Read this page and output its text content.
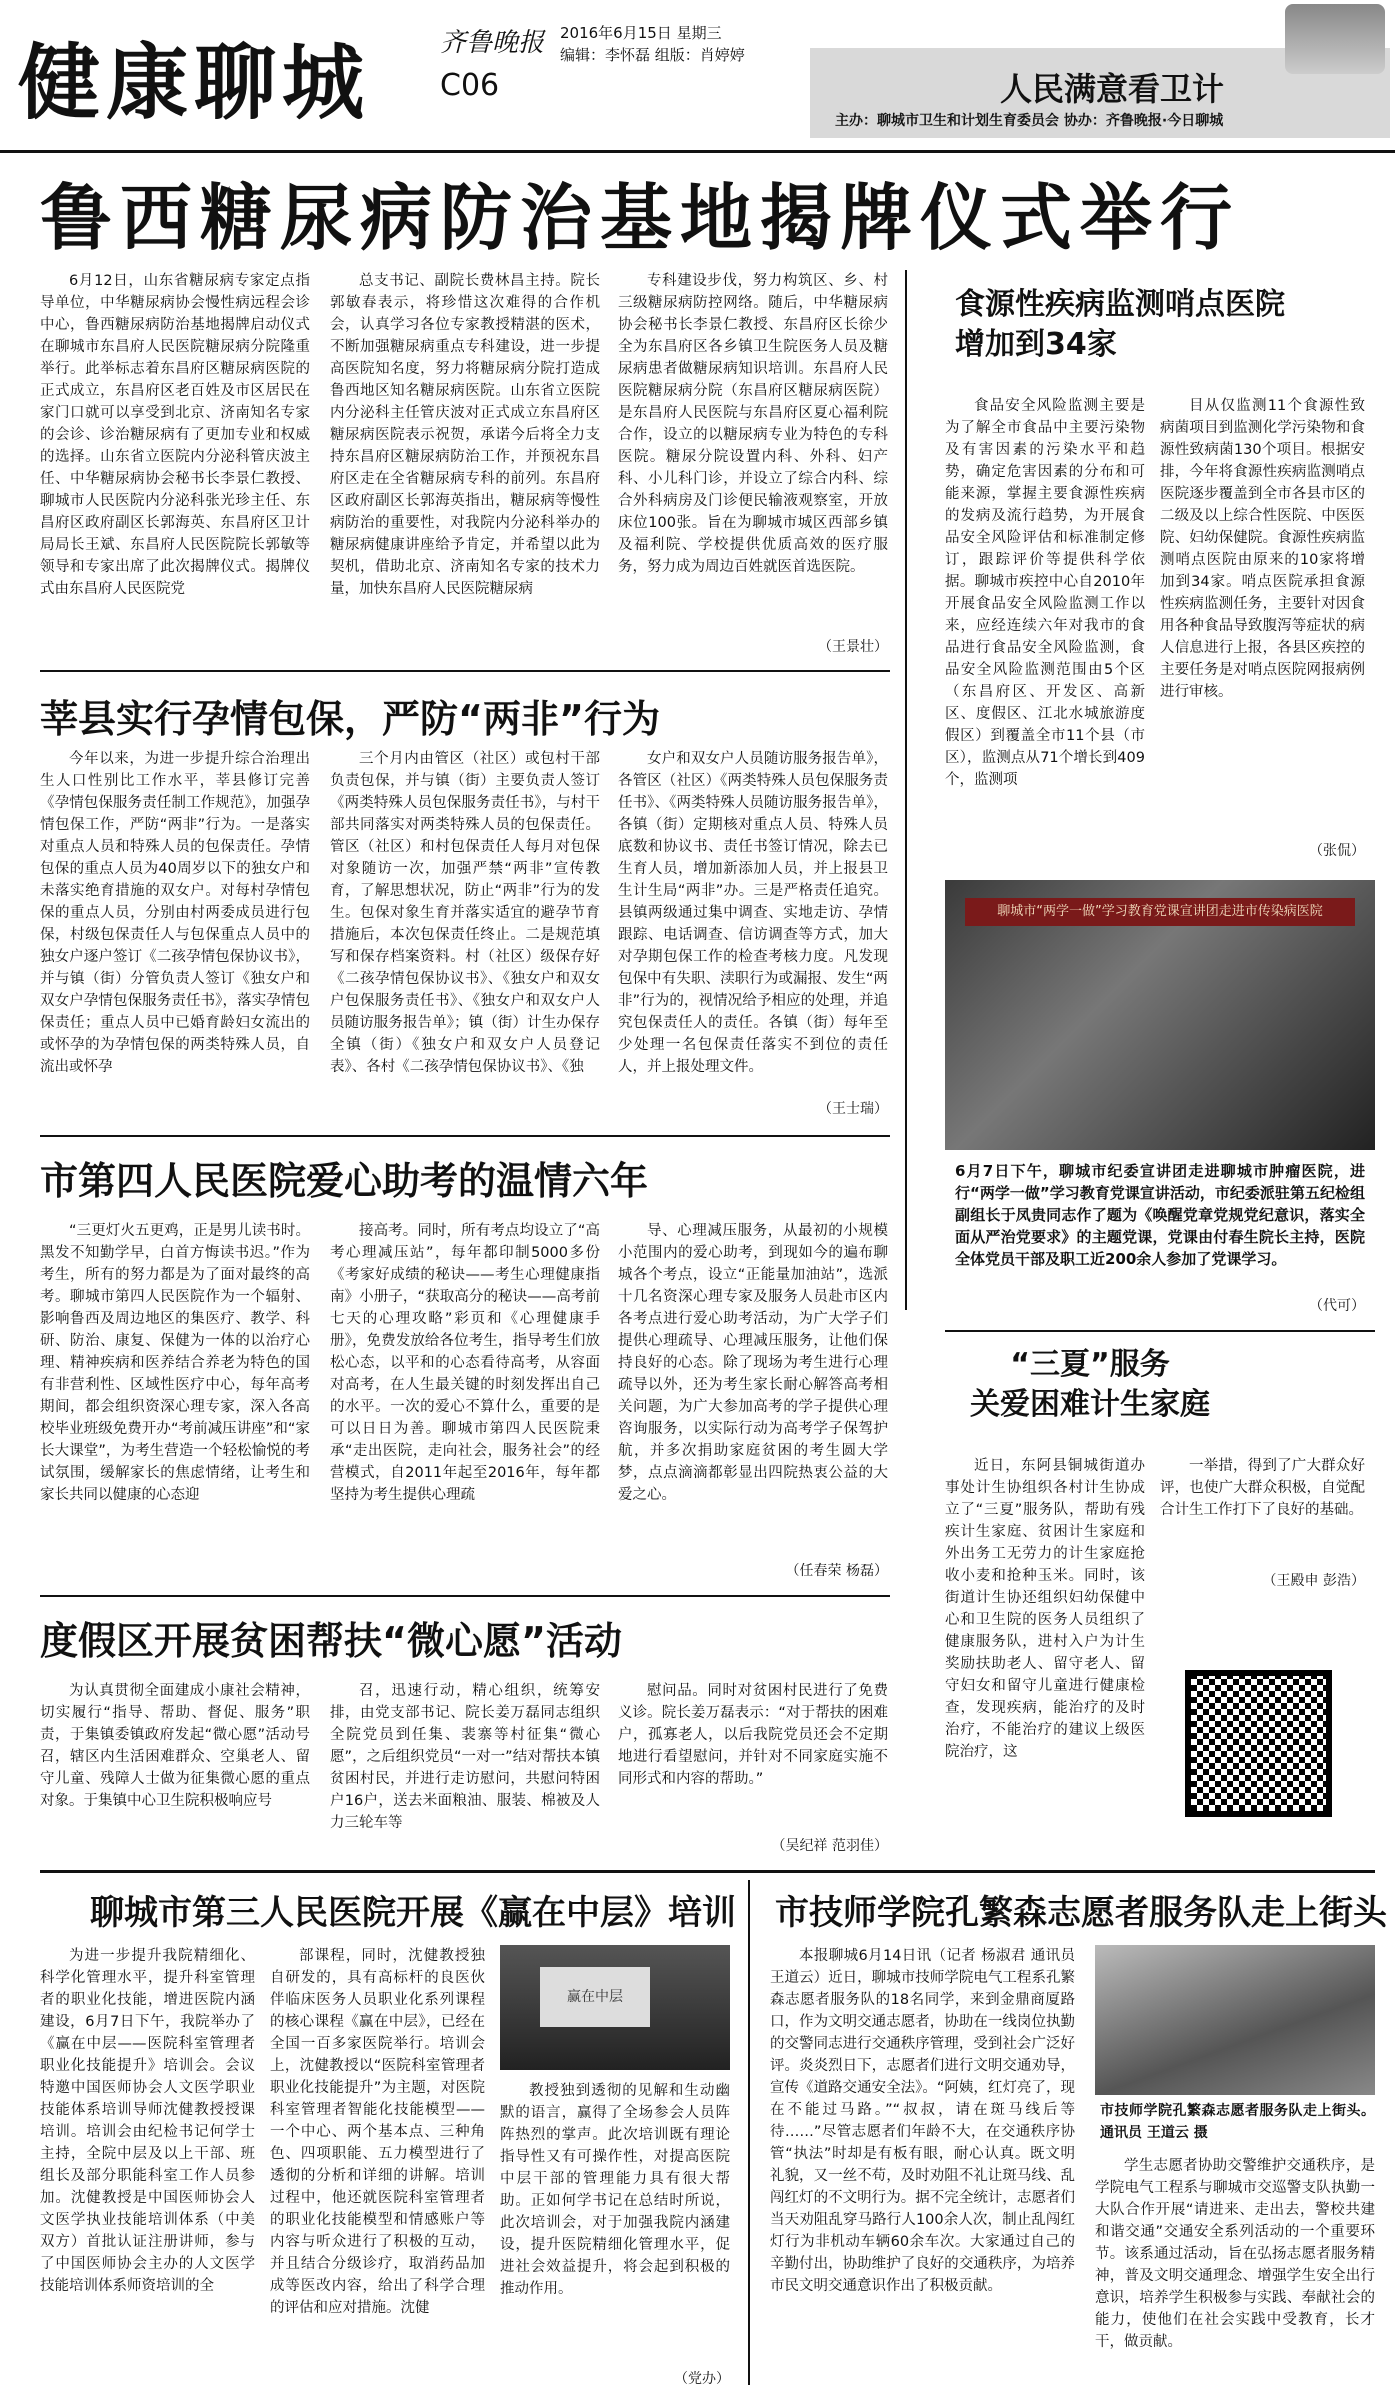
健康聊城	齐鲁晚报
C06
2016年6月15日 星期三
编辑：李怀磊 组版：肖婷婷
人民满意看卫计
主办：聊城市卫生和计划生育委员会 协办：齐鲁晚报·今日聊城
鲁西糖尿病防治基地揭牌仪式举行
6月12日，山东省糖尿病专家定点指导单位，中华糖尿病协会慢性病远程会诊中心，鲁西糖尿病防治基地揭牌启动仪式在聊城市东昌府人民医院糖尿病分院隆重举行。此举标志着东昌府区糖尿病医院的正式成立，东昌府区老百姓及市区居民在家门口就可以享受到北京、济南知名专家的会诊、诊治糖尿病有了更加专业和权威的选择。山东省立医院内分泌科管庆波主任、中华糖尿病协会秘书长李景仁教授、聊城市人民医院内分泌科张光珍主任、东昌府区政府副区长郭海英、东昌府区卫计局局长王斌、东昌府人民医院院长郭敏等领导和专家出席了此次揭牌仪式。揭牌仪式由东昌府人民医院党
总支书记、副院长费林昌主持。院长郭敏春表示，将珍惜这次难得的合作机会，认真学习各位专家教授精湛的医术，不断加强糖尿病重点专科建设，进一步提高医院知名度，努力将糖尿病分院打造成鲁西地区知名糖尿病医院。山东省立医院内分泌科主任管庆波对正式成立东昌府区糖尿病医院表示祝贺，承诺今后将全力支持东昌府区糖尿病防治工作，并预祝东昌府区走在全省糖尿病专科的前列。东昌府区政府副区长郭海英指出，糖尿病等慢性病防治的重要性，对我院内分泌科举办的糖尿病健康讲座给予肯定，并希望以此为契机，借助北京、济南知名专家的技术力量，加快东昌府人民医院糖尿病
专科建设步伐，努力构筑区、乡、村三级糖尿病防控网络。随后，中华糖尿病协会秘书长李景仁教授、东昌府区长徐少全为东昌府区各乡镇卫生院医务人员及糖尿病患者做糖尿病知识培训。东昌府人民医院糖尿病分院（东昌府区糖尿病医院）是东昌府人民医院与东昌府区夏心福利院合作，设立的以糖尿病专业为特色的专科医院。糖尿分院设置内科、外科、妇产科、小儿科门诊，并设立了综合内科、综合外科病房及门诊便民输液观察室，开放床位100张。旨在为聊城市城区西部乡镇及福利院、学校提供优质高效的医疗服务，努力成为周边百姓就医首选医院。
（王景壮）
莘县实行孕情包保，严防“两非”行为
今年以来，为进一步提升综合治理出生人口性别比工作水平，莘县修订完善《孕情包保服务责任制工作规范》，加强孕情包保工作，严防“两非”行为。一是落实对重点人员和特殊人员的包保责任。孕情包保的重点人员为40周岁以下的独女户和未落实绝育措施的双女户。对每村孕情包保的重点人员，分别由村两委成员进行包保，村级包保责任人与包保重点人员中的独女户逐户签订《二孩孕情包保协议书》，并与镇（街）分管负责人签订《独女户和双女户孕情包保服务责任书》，落实孕情包保责任；重点人员中已婚育龄妇女流出的或怀孕的为孕情包保的两类特殊人员，自流出或怀孕
三个月内由管区（社区）或包村干部负责包保，并与镇（街）主要负责人签订《两类特殊人员包保服务责任书》，与村干部共同落实对两类特殊人员的包保责任。管区（社区）和村包保责任人每月对包保对象随访一次，加强严禁“两非”宣传教育，了解思想状况，防止“两非”行为的发生。包保对象生育并落实适宜的避孕节育措施后，本次包保责任终止。二是规范填写和保存档案资料。村（社区）级保存好《二孩孕情包保协议书》、《独女户和双女户包保服务责任书》、《独女户和双女户人员随访服务报告单》；镇（街）计生办保存全镇（街）《独女户和双女户人员登记表》、各村《二孩孕情包保协议书》、《独
女户和双女户人员随访服务报告单》，各管区（社区）《两类特殊人员包保服务责任书》、《两类特殊人员随访服务报告单》，各镇（街）定期核对重点人员、特殊人员底数和协议书、责任书签订情况，除去已生育人员，增加新添加人员，并上报县卫生计生局“两非”办。三是严格责任追究。县镇两级通过集中调查、实地走访、孕情跟踪、电话调查、信访调查等方式，加大对孕期包保工作的检查考核力度。凡发现包保中有失职、渎职行为或漏报、发生“两非”行为的，视情况给予相应的处理，并追究包保责任人的责任。各镇（街）每年至少处理一名包保责任落实不到位的责任人，并上报处理文件。
（王士瑞）
市第四人民医院爱心助考的温情六年
“三更灯火五更鸡，正是男儿读书时。黑发不知勤学早，白首方悔读书迟。”作为考生，所有的努力都是为了面对最终的高考。聊城市第四人民医院作为一个辐射、影响鲁西及周边地区的集医疗、教学、科研、防治、康复、保健为一体的以治疗心理、精神疾病和医养结合养老为特色的国有非营利性、区域性医疗中心，每年高考期间，都会组织资深心理专家，深入各高校毕业班级免费开办“考前减压讲座”和“家长大课堂”，为考生营造一个轻松愉悦的考试氛围，缓解家长的焦虑情绪，让考生和家长共同以健康的心态迎
接高考。同时，所有考点均设立了“高考心理减压站”，每年都印制5000多份《考家好成绩的秘诀——考生心理健康指南》小册子，“获取高分的秘诀——高考前七天的心理攻略”彩页和《心理健康手册》，免费发放给各位考生，指导考生们放松心态，以平和的心态看待高考，从容面对高考，在人生最关键的时刻发挥出自己的水平。一次的爱心不算什么，重要的是可以日日为善。聊城市第四人民医院秉承“走出医院，走向社会，服务社会”的经营模式，自2011年起至2016年，每年都坚持为考生提供心理疏
导、心理减压服务，从最初的小规模小范围内的爱心助考，到现如今的遍布聊城各个考点，设立“正能量加油站”，选派十几名资深心理专家及服务人员赴市区内各考点进行爱心助考活动，为广大学子们提供心理疏导、心理减压服务，让他们保持良好的心态。除了现场为考生进行心理疏导以外，还为考生家长耐心解答高考相关问题，为广大参加高考的学子提供心理咨询服务，以实际行动为高考学子保驾护航，并多次捐助家庭贫困的考生圆大学梦，点点滴滴都彰显出四院热衷公益的大爱之心。
（任春荣 杨磊）
度假区开展贫困帮扶“微心愿”活动
为认真贯彻全面建成小康社会精神，切实履行“指导、帮助、督促、服务”职责，于集镇委镇政府发起“微心愿”活动号召，辖区内生活困难群众、空巢老人、留守儿童、残障人士做为征集微心愿的重点对象。于集镇中心卫生院积极响应号
召，迅速行动，精心组织，统筹安排，由党支部书记、院长姜万磊同志组织全院党员到任集、裴寨等村征集“微心愿”，之后组织党员“一对一”结对帮扶本镇贫困村民，并进行走访慰问，共慰问特困户16户，送去米面粮油、服装、棉被及人力三轮车等
慰问品。同时对贫困村民进行了免费义诊。院长姜万磊表示：“对于帮扶的困难户，孤寡老人，以后我院党员还会不定期地进行看望慰问，并针对不同家庭实施不同形式和内容的帮助。”
（吴纪祥 范羽佳）
食源性疾病监测哨点医院
增加到34家
食品安全风险监测主要是为了解全市食品中主要污染物及有害因素的污染水平和趋势，确定危害因素的分布和可能来源，掌握主要食源性疾病的发病及流行趋势，为开展食品安全风险评估和标准制定修订，跟踪评价等提供科学依据。聊城市疾控中心自2010年开展食品安全风险监测工作以来，应经连续六年对我市的食品进行食品安全风险监测，食品安全风险监测范围由5个区（东昌府区、开发区、高新区、度假区、江北水城旅游度假区）到覆盖全市11个县（市区），监测点从71个增长到409个，监测项
目从仅监测11个食源性致病菌项目到监测化学污染物和食源性致病菌130个项目。根据安排，今年将食源性疾病监测哨点医院逐步覆盖到全市各县市区的二级及以上综合性医院、中医医院、妇幼保健院。食源性疾病监测哨点医院由原来的10家将增加到34家。哨点医院承担食源性疾病监测任务，主要针对因食用各种食品导致腹泻等症状的病人信息进行上报，各县区疾控的主要任务是对哨点医院网报病例进行审核。
（张侃）
聊城市“两学一做”学习教育党课宣讲团走进市传染病医院
6月7日下午，聊城市纪委宣讲团走进聊城市肿瘤医院，进行“两学一做”学习教育党课宣讲活动，市纪委派驻第五纪检组副组长于凤贵同志作了题为《唤醒党章党规党纪意识，落实全面从严治党要求》的主题党课，党课由付春生院长主持，医院全体党员干部及职工近200余人参加了党课学习。
（代可）
“三夏”服务
关爱困难计生家庭
近日，东阿县铜城街道办事处计生协组织各村计生协成立了“三夏”服务队，帮助有残疾计生家庭、贫困计生家庭和外出务工无劳力的计生家庭抢收小麦和抢种玉米。同时，该街道计生协还组织妇幼保健中心和卫生院的医务人员组织了健康服务队，进村入户为计生奖励扶助老人、留守老人、留守妇女和留守儿童进行健康检查，发现疾病，能治疗的及时治疗，不能治疗的建议上级医院治疗，这
一举措，得到了广大群众好评，也使广大群众积极，自觉配合计生工作打下了良好的基础。
（王殿申 彭浩）
聊城市第三人民医院开展《赢在中层》培训
为进一步提升我院精细化、科学化管理水平，提升科室管理者的职业化技能，增进医院内涵建设，6月7日下午，我院举办了《赢在中层——医院科室管理者职业化技能提升》培训会。会议特邀中国医师协会人文医学职业技能体系培训导师沈健教授授课培训。培训会由纪检书记何学士主持，全院中层及以上干部、班组长及部分职能科室工作人员参加。沈健教授是中国医师协会人文医学执业技能培训体系（中美双方）首批认证注册讲师，参与了中国医师协会主办的人文医学技能培训体系师资培训的全
部课程，同时，沈健教授独自研发的，具有高标杆的良医伙伴临床医务人员职业化系列课程的核心课程《赢在中层》，已经在全国一百多家医院举行。培训会上，沈健教授以“医院科室管理者职业化技能提升”为主题，对医院科室管理者智能化技能模型——一个中心、两个基本点、三种角色、四项职能、五力模型进行了透彻的分析和详细的讲解。培训过程中，他还就医院科室管理者的职业化技能模型和情感账户等内容与听众进行了积极的互动，并且结合分级诊疗，取消药品加成等医改内容，给出了科学合理的评估和应对措施。沈健
赢在中层
教授独到透彻的见解和生动幽默的语言，赢得了全场参会人员阵阵热烈的掌声。此次培训既有理论指导性又有可操作性，对提高医院中层干部的管理能力具有很大帮助。正如何学书记在总结时所说，此次培训会，对于加强我院内涵建设，提升医院精细化管理水平，促进社会效益提升，将会起到积极的推动作用。
（党办）
市技师学院孔繁森志愿者服务队走上街头
本报聊城6月14日讯（记者 杨淑君 通讯员 王道云）近日，聊城市技师学院电气工程系孔繁森志愿者服务队的18名同学，来到金鼎商厦路口，作为文明交通志愿者，协助在一线岗位执勤的交警同志进行交通秩序管理，受到社会广泛好评。炎炎烈日下，志愿者们进行文明交通劝导，宣传《道路交通安全法》。“阿姨，红灯亮了，现在不能过马路。”“叔叔，请在斑马线后等待……”尽管志愿者们年龄不大，在交通秩序协管“执法”时却是有板有眼，耐心认真。既文明礼貌，又一丝不苟，及时劝阻不礼让斑马线、乱闯红灯的不文明行为。据不完全统计，志愿者们当天劝阻乱穿马路行人100余人次，制止乱闯红灯行为非机动车辆60余车次。大家通过自己的辛勤付出，协助维护了良好的交通秩序，为培养市民文明交通意识作出了积极贡献。
市技师学院孔繁森志愿者服务队走上街头。通讯员 王道云 摄
学生志愿者协助交警维护交通秩序，是学院电气工程系与聊城市交巡警支队执勤一大队合作开展“请进来、走出去，警校共建和谐交通”交通安全系列活动的一个重要环节。该系通过活动，旨在弘扬志愿者服务精神，普及文明交通理念、增强学生安全出行意识，培养学生积极参与实践、奉献社会的能力，使他们在社会实践中受教育，长才干，做贡献。
